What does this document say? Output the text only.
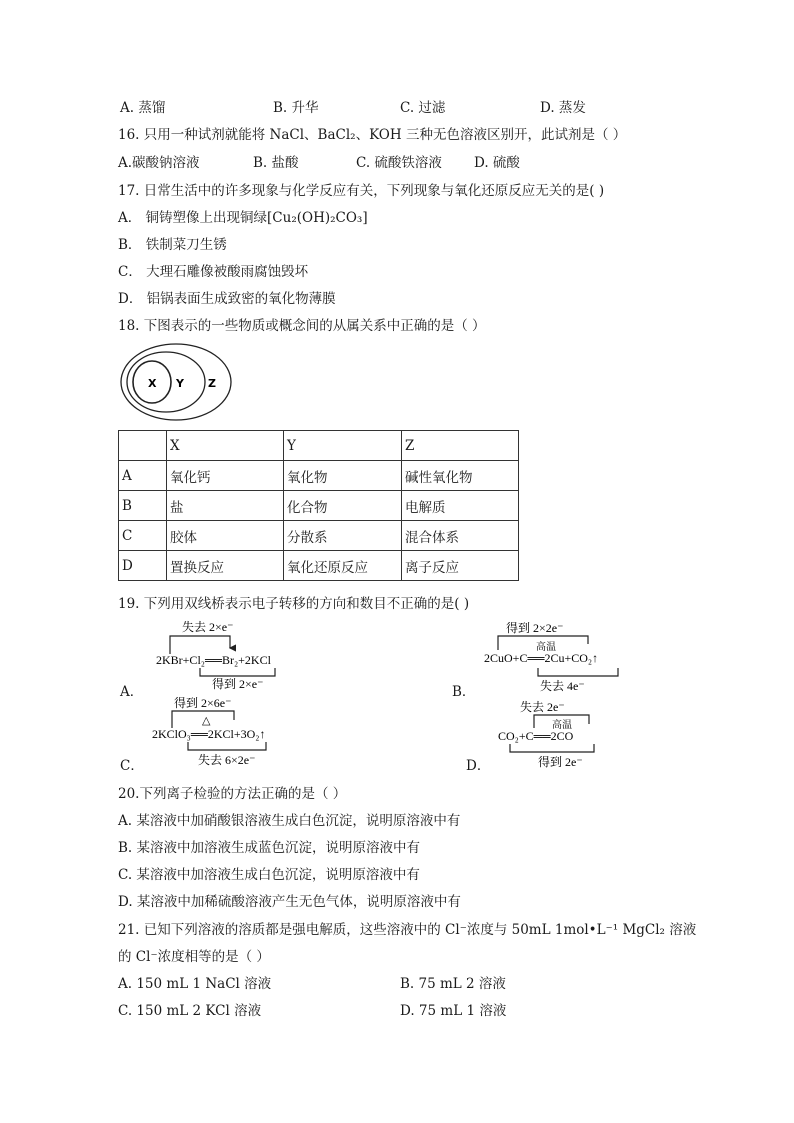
A. 蒸馏	B. 升华	C. 过滤	D. 蒸发
16. 只用一种试剂就能将 NaCl、BaCl₂、KOH 三种无色溶液区别开，此试剂是（ ）
A.碳酸钠溶液	B. 盐酸	C. 硫酸铁溶液 D. 硫酸
17. 日常生活中的许多现象与化学反应有关，下列现象与氧化还原反应无关的是( )
A． 铜铸塑像上出现铜绿[Cu₂(OH)₂CO₃]
B． 铁制菜刀生锈
C． 大理石雕像被酸雨腐蚀毁坏
D． 铝锅表面生成致密的氧化物薄膜
18. 下图表示的一些物质或概念间的从属关系中正确的是（ ）
X Y Z
	X	Y	Z
A	氧化钙	氧化物	碱性氧化物
B	盐	化合物	电解质
C	胶体	分散系	混合体系
D	置换反应	氧化还原反应	离子反应
19. 下列用双线桥表示电子转移的方向和数目不正确的是( )
失去 2×e⁻
2KBr+Cl₂══Br₂+2KCl
得到 2×e⁻
A．
得到 2×2e⁻
高温
2CuO+C══2Cu+CO₂↑
失去 4e⁻
B．
得到 2×6e⁻
△
2KClO₃══2KCl+3O₂↑
失去 6×2e⁻
C．
失去 2e⁻
高温
CO₂+C══2CO
得到 2e⁻
D．
20.下列离子检验的方法正确的是（ ）
A. 某溶液中加硝酸银溶液生成白色沉淀，说明原溶液中有
B. 某溶液中加溶液生成蓝色沉淀，说明原溶液中有
C. 某溶液中加溶液生成白色沉淀，说明原溶液中有
D. 某溶液中加稀硫酸溶液产生无色气体，说明原溶液中有
21. 已知下列溶液的溶质都是强电解质，这些溶液中的 Cl⁻浓度与 50mL 1mol•L⁻¹ MgCl₂ 溶液
的 Cl⁻浓度相等的是（ ）
A. 150 mL 1 NaCl 溶液	B. 75 mL 2 溶液
C. 150 mL 2 KCl 溶液	D. 75 mL 1 溶液
